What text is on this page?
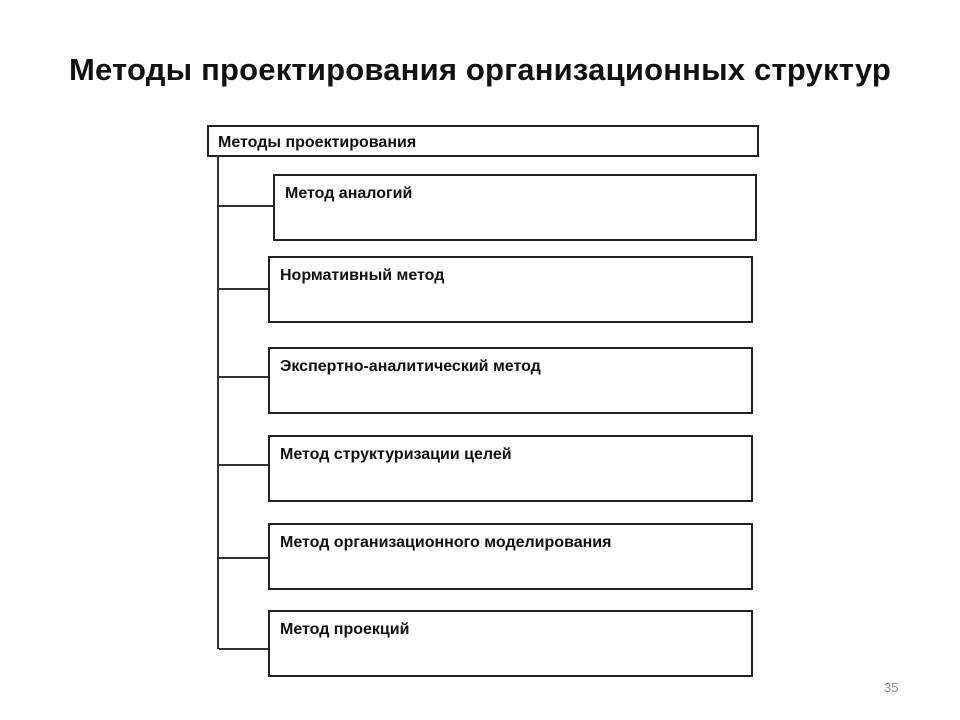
Методы проектирования организационных структур
Методы проектирования
Метод аналогий
Нормативный метод
Экспертно-аналитический метод
Метод структуризации целей
Метод организационного моделирования
Метод проекций
35
